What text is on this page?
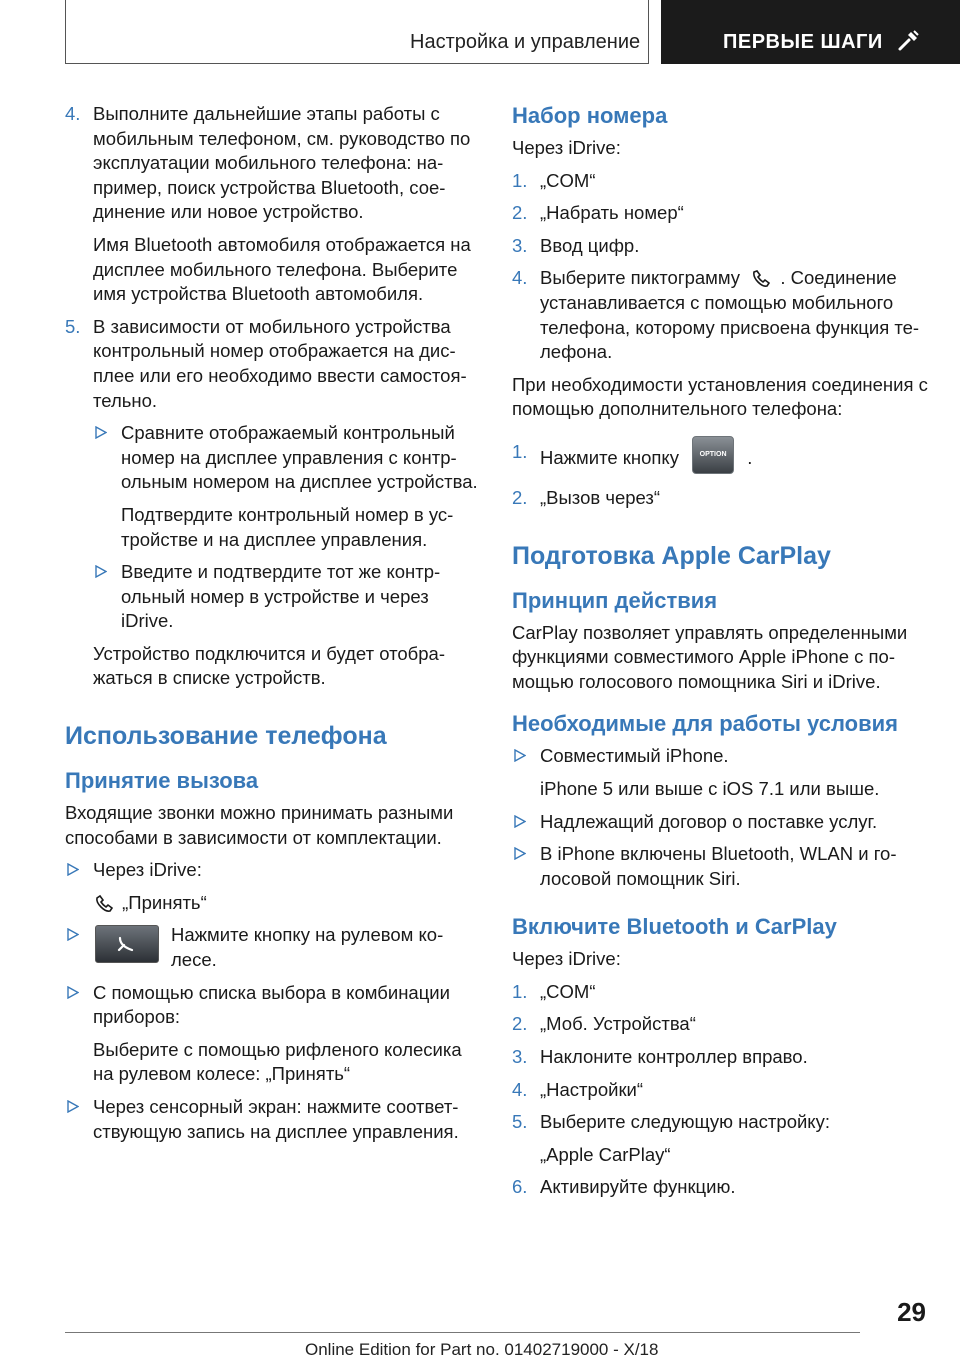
Настройка и управление	ПЕРВЫЕ ШАГИ
4. Выполните дальнейшие этапы работы с мобильным телефоном, см. руководство по эксплуатации мобильного телефона: например, поиск устройства Bluetooth, соединение или новое устройство.

Имя Bluetooth автомобиля отображается на дисплее мобильного телефона. Выберите имя устройства Bluetooth автомобиля.

5. В зависимости от мобильного устройства контрольный номер отображается на дисплее или его необходимо ввести самостоятельно.

Сравните отображаемый контрольный номер на дисплее управления с контрольным номером на дисплее устройства.

Подтвердите контрольный номер в устройстве и на дисплее управления.

Введите и подтвердите тот же контрольный номер в устройстве и через iDrive.

Устройство подключится и будет отображаться в списке устройств.

Использование телефона
Принятие вызова

Входящие звонки можно принимать разными способами в зависимости от комплектации.

Через iDrive:

„Принять“

Нажмите кнопку на рулевом колесе.

С помощью списка выбора в комбинации приборов:

Выберите с помощью рифленого колесика на рулевом колесе: „Принять“

Через сенсорный экран: нажмите соответствующую запись на дисплее управления.

Набор номера

Через iDrive:

1. „COM“

2. „Набрать номер“

3. Ввод цифр.

4. Выберите пиктограмму . Соединение устанавливается с помощью мобильного телефона, которому присвоена функция телефона.

При необходимости установления соединения с помощью дополнительного телефона:

1. Нажмите кнопку	OPTION .

2. „Вызов через“

Подготовка Apple CarPlay
Принцип действия

CarPlay позволяет управлять определенными функциями совместимого Apple iPhone с помощью голосового помощника Siri и iDrive.

Необходимые для работы условия

Совместимый iPhone.

iPhone 5 или выше с iOS 7.1 или выше.

Надлежащий договор о поставке услуг.

В iPhone включены Bluetooth, WLAN и голосовой помощник Siri.

Включите Bluetooth и CarPlay

Через iDrive:

1. „COM“

2. „Моб. Устройства“

3. Наклоните контроллер вправо.

4. „Настройки“

5. Выберите следующую настройку:

„Apple CarPlay“

6. Активируйте функцию.

29
Online Edition for Part no. 01402719000 - X/18
